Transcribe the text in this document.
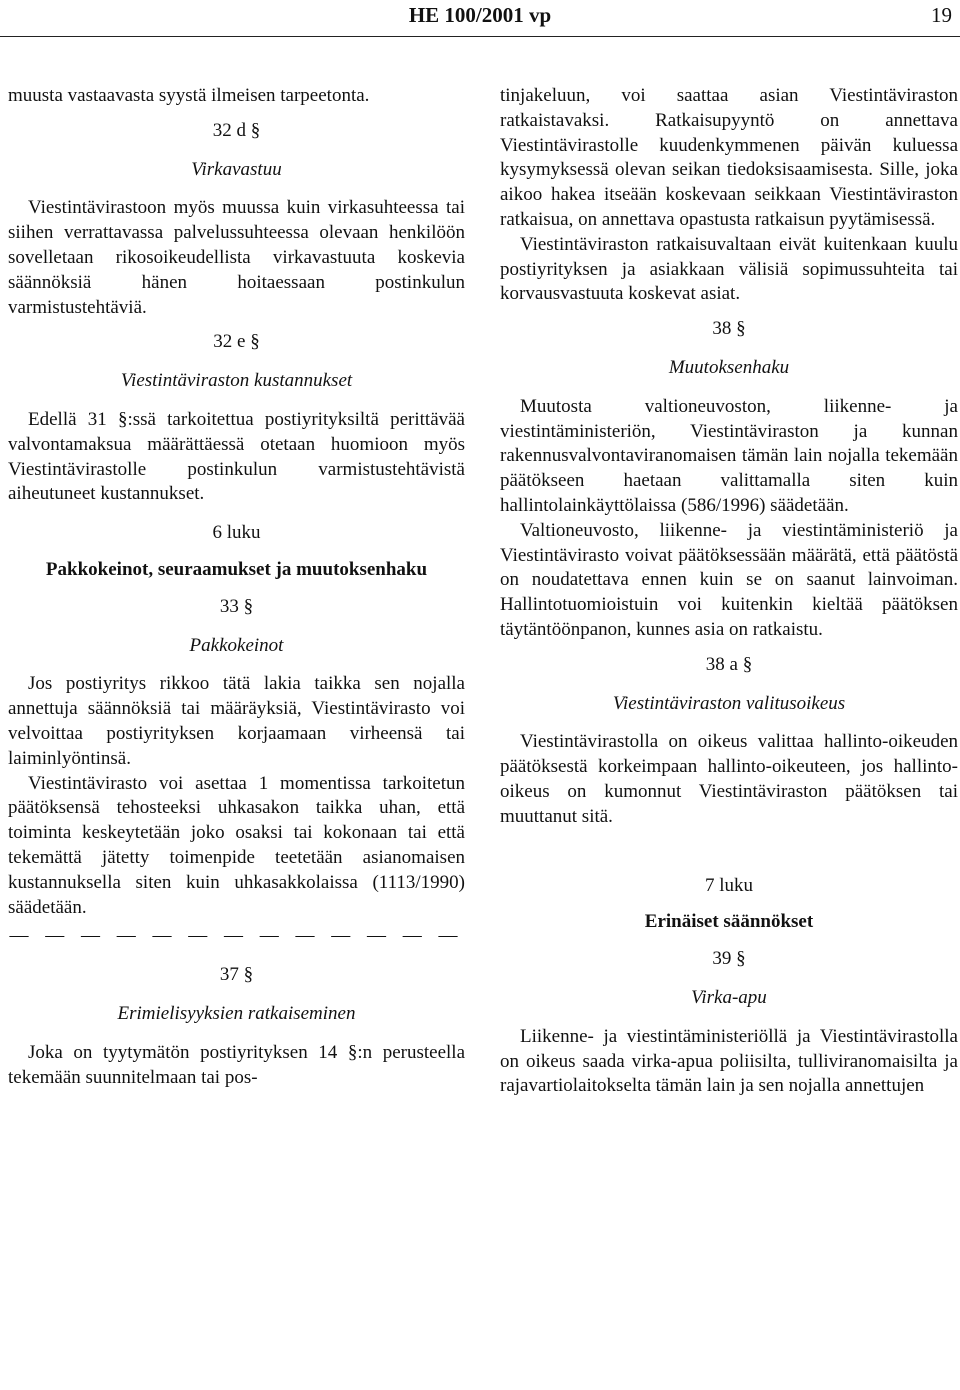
HE 100/2001 vp	19

muusta vastaavasta syystä ilmeisen tarpeetonta.

32 d §
Virkavastuu

Viestintävirastoon myös muussa kuin virkasuhteessa tai siihen verrattavassa palvelussuhteessa olevaan henkilöön sovelletaan rikosoikeudellista virkavastuuta koskevia säännöksiä hänen hoitaessaan postinkulun varmistustehtäviä.

32 e §
Viestintäviraston kustannukset

Edellä 31 §:ssä tarkoitettua postiyrityksiltä perittävää valvontamaksua määrättäessä otetaan huomioon myös Viestintävirastolle postinkulun varmistustehtävistä aiheutuneet kustannukset.

6 luku
Pakkokeinot, seuraamukset ja muutoksenhaku
33 §
Pakkokeinot

Jos postiyritys rikkoo tätä lakia taikka sen nojalla annettuja säännöksiä tai määräyksiä, Viestintävirasto voi velvoittaa postiyrityksen korjaamaan virheensä tai laiminlyöntinsä.

Viestintävirasto voi asettaa 1 momentissa tarkoitetun päätöksensä tehosteeksi uhkasakon taikka uhan, että toiminta keskeytetään joko osaksi tai kokonaan tai että tekemättä jätetty toimenpide teetetään asianomaisen kustannuksella siten kuin uhkasakkolaissa (1113/1990) säädetään.

— — — — — — — — — — — — —
37 §
Erimielisyyksien ratkaiseminen

Joka on tyytymätön postiyrityksen 14 §:n perusteella tekemään suunnitelmaan tai pos-

tinjakeluun, voi saattaa asian Viestintäviraston ratkaistavaksi. Ratkaisupyyntö on annettava Viestintävirastolle kuudenkymmenen päivän kuluessa kysymyksessä olevan seikan tiedoksisaamisesta. Sille, joka aikoo hakea itseään koskevaan seikkaan Viestintäviraston ratkaisua, on annettava opastusta ratkaisun pyytämisessä.

Viestintäviraston ratkaisuvaltaan eivät kuitenkaan kuulu postiyrityksen ja asiakkaan välisiä sopimussuhteita tai korvausvastuuta koskevat asiat.

38 §
Muutoksenhaku

Muutosta valtioneuvoston, liikenne- ja viestintäministeriön, Viestintäviraston ja kunnan rakennusvalvontaviranomaisen tämän lain nojalla tekemään päätökseen haetaan valittamalla siten kuin hallintolainkäyttölaissa (586/1996) säädetään.

Valtioneuvosto, liikenne- ja viestintäministeriö ja Viestintävirasto voivat päätöksessään määrätä, että päätöstä on noudatettava ennen kuin se on saanut lainvoiman. Hallintotuomioistuin voi kuitenkin kieltää päätöksen täytäntöönpanon, kunnes asia on ratkaistu.

38 a §
Viestintäviraston valitusoikeus

Viestintävirastolla on oikeus valittaa hallinto-oikeuden päätöksestä korkeimpaan hallinto-oikeuteen, jos hallinto-oikeus on kumonnut Viestintäviraston päätöksen tai muuttanut sitä.

7 luku
Erinäiset säännökset
39 §
Virka-apu

Liikenne- ja viestintäministeriöllä ja Viestintävirastolla on oikeus saada virka-apua poliisilta, tulliviranomaisilta ja rajavartiolaitokselta tämän lain ja sen nojalla annettujen
